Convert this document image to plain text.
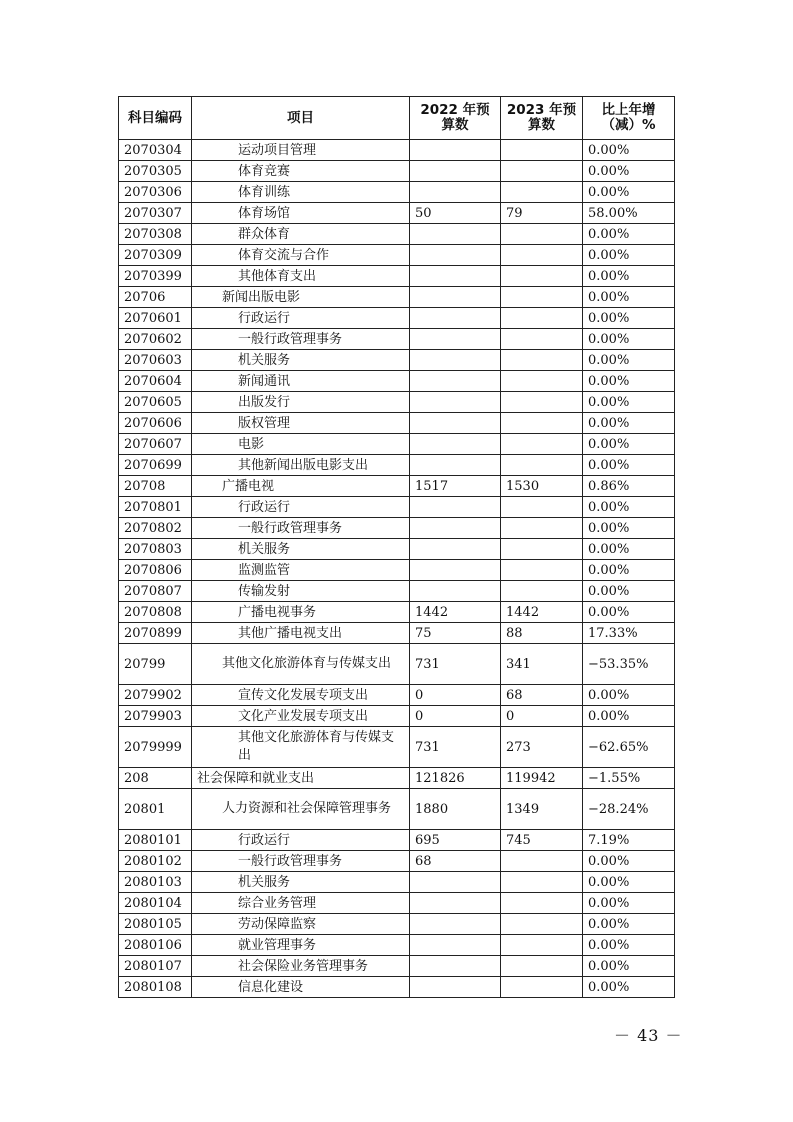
科目编码	项目	2022 年预算数	2023 年预算数	比上年增（减）%
2070304	运动项目管理			0.00%
2070305	体育竞赛			0.00%
2070306	体育训练			0.00%
2070307	体育场馆	50	79	58.00%
2070308	群众体育			0.00%
2070309	体育交流与合作			0.00%
2070399	其他体育支出			0.00%
20706	新闻出版电影			0.00%
2070601	行政运行			0.00%
2070602	一般行政管理事务			0.00%
2070603	机关服务			0.00%
2070604	新闻通讯			0.00%
2070605	出版发行			0.00%
2070606	版权管理			0.00%
2070607	电影			0.00%
2070699	其他新闻出版电影支出			0.00%
20708	广播电视	1517	1530	0.86%
2070801	行政运行			0.00%
2070802	一般行政管理事务			0.00%
2070803	机关服务			0.00%
2070806	监测监管			0.00%
2070807	传输发射			0.00%
2070808	广播电视事务	1442	1442	0.00%
2070899	其他广播电视支出	75	88	17.33%
20799	其他文化旅游体育与传媒支出	731	341	−53.35%
2079902	宣传文化发展专项支出	0	68	0.00%
2079903	文化产业发展专项支出	0	0	0.00%
2079999	其他文化旅游体育与传媒支出	731	273	−62.65%
208	社会保障和就业支出	121826	119942	−1.55%
20801	人力资源和社会保障管理事务	1880	1349	−28.24%
2080101	行政运行	695	745	7.19%
2080102	一般行政管理事务	68		0.00%
2080103	机关服务			0.00%
2080104	综合业务管理			0.00%
2080105	劳动保障监察			0.00%
2080106	就业管理事务			0.00%
2080107	社会保险业务管理事务			0.00%
2080108	信息化建设			0.00%
－ 43 －
